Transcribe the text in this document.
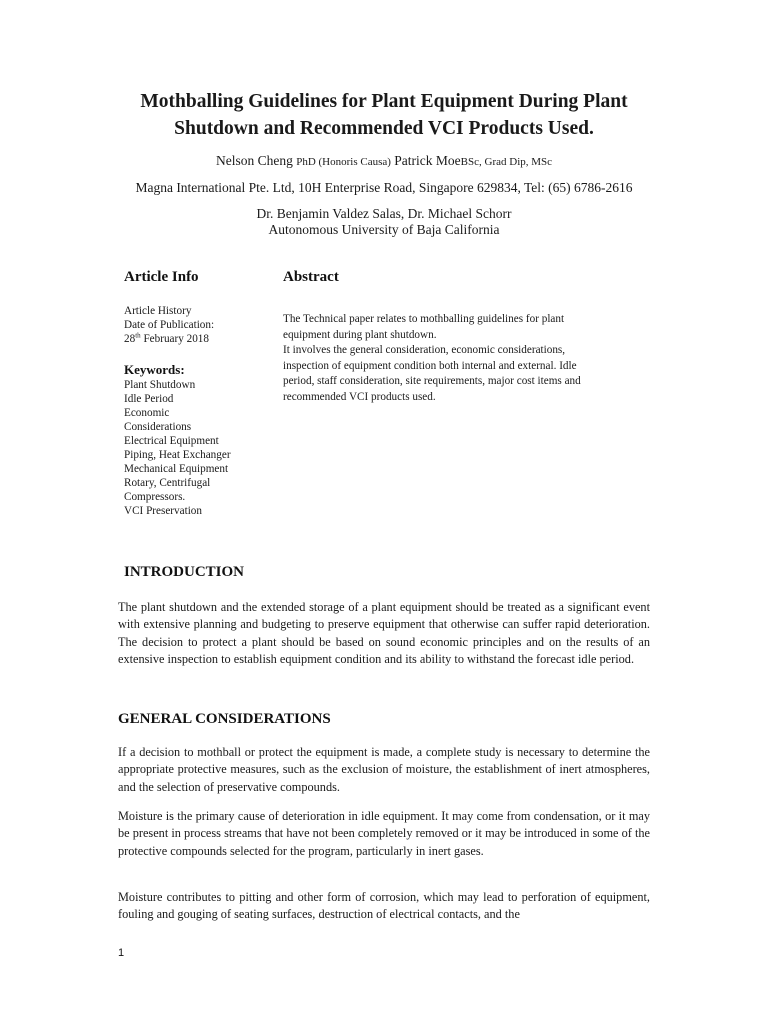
Mothballing Guidelines for Plant Equipment During Plant
Shutdown and Recommended VCI Products Used.
Nelson Cheng PhD (Honoris Causa) Patrick MoeBSc, Grad Dip, MSc
Magna International Pte. Ltd, 10H Enterprise Road, Singapore 629834, Tel: (65) 6786-2616
Dr. Benjamin Valdez Salas, Dr. Michael Schorr
Autonomous University of Baja California
Article Info	Abstract
Article History
Date of Publication:
28th February 2018
Keywords:
Plant Shutdown
Idle Period
Economic
Considerations
Electrical Equipment
Piping, Heat Exchanger
Mechanical Equipment
Rotary, Centrifugal
Compressors.
VCI Preservation
The Technical paper relates to mothballing guidelines for plant
equipment during plant shutdown.
It involves the general consideration, economic considerations,
inspection of equipment condition both internal and external. Idle
period, staff consideration, site requirements, major cost items and
recommended VCI products used.
INTRODUCTION
The plant shutdown and the extended storage of a plant equipment should be treated as a significant event with extensive planning and budgeting to preserve equipment that otherwise can suffer rapid deterioration. The decision to protect a plant should be based on sound economic principles and on the results of an extensive inspection to establish equipment condition and its ability to withstand the forecast idle period.
GENERAL CONSIDERATIONS
If a decision to mothball or protect the equipment is made, a complete study is necessary to determine the appropriate protective measures, such as the exclusion of moisture, the establishment of inert atmospheres, and the selection of preservative compounds.
Moisture is the primary cause of deterioration in idle equipment. It may come from condensation, or it may be present in process streams that have not been completely removed or it may be introduced in some of the protective compounds selected for the program, particularly in inert gases.
Moisture contributes to pitting and other form of corrosion, which may lead to perforation of equipment, fouling and gouging of seating surfaces, destruction of electrical contacts, and the
1
